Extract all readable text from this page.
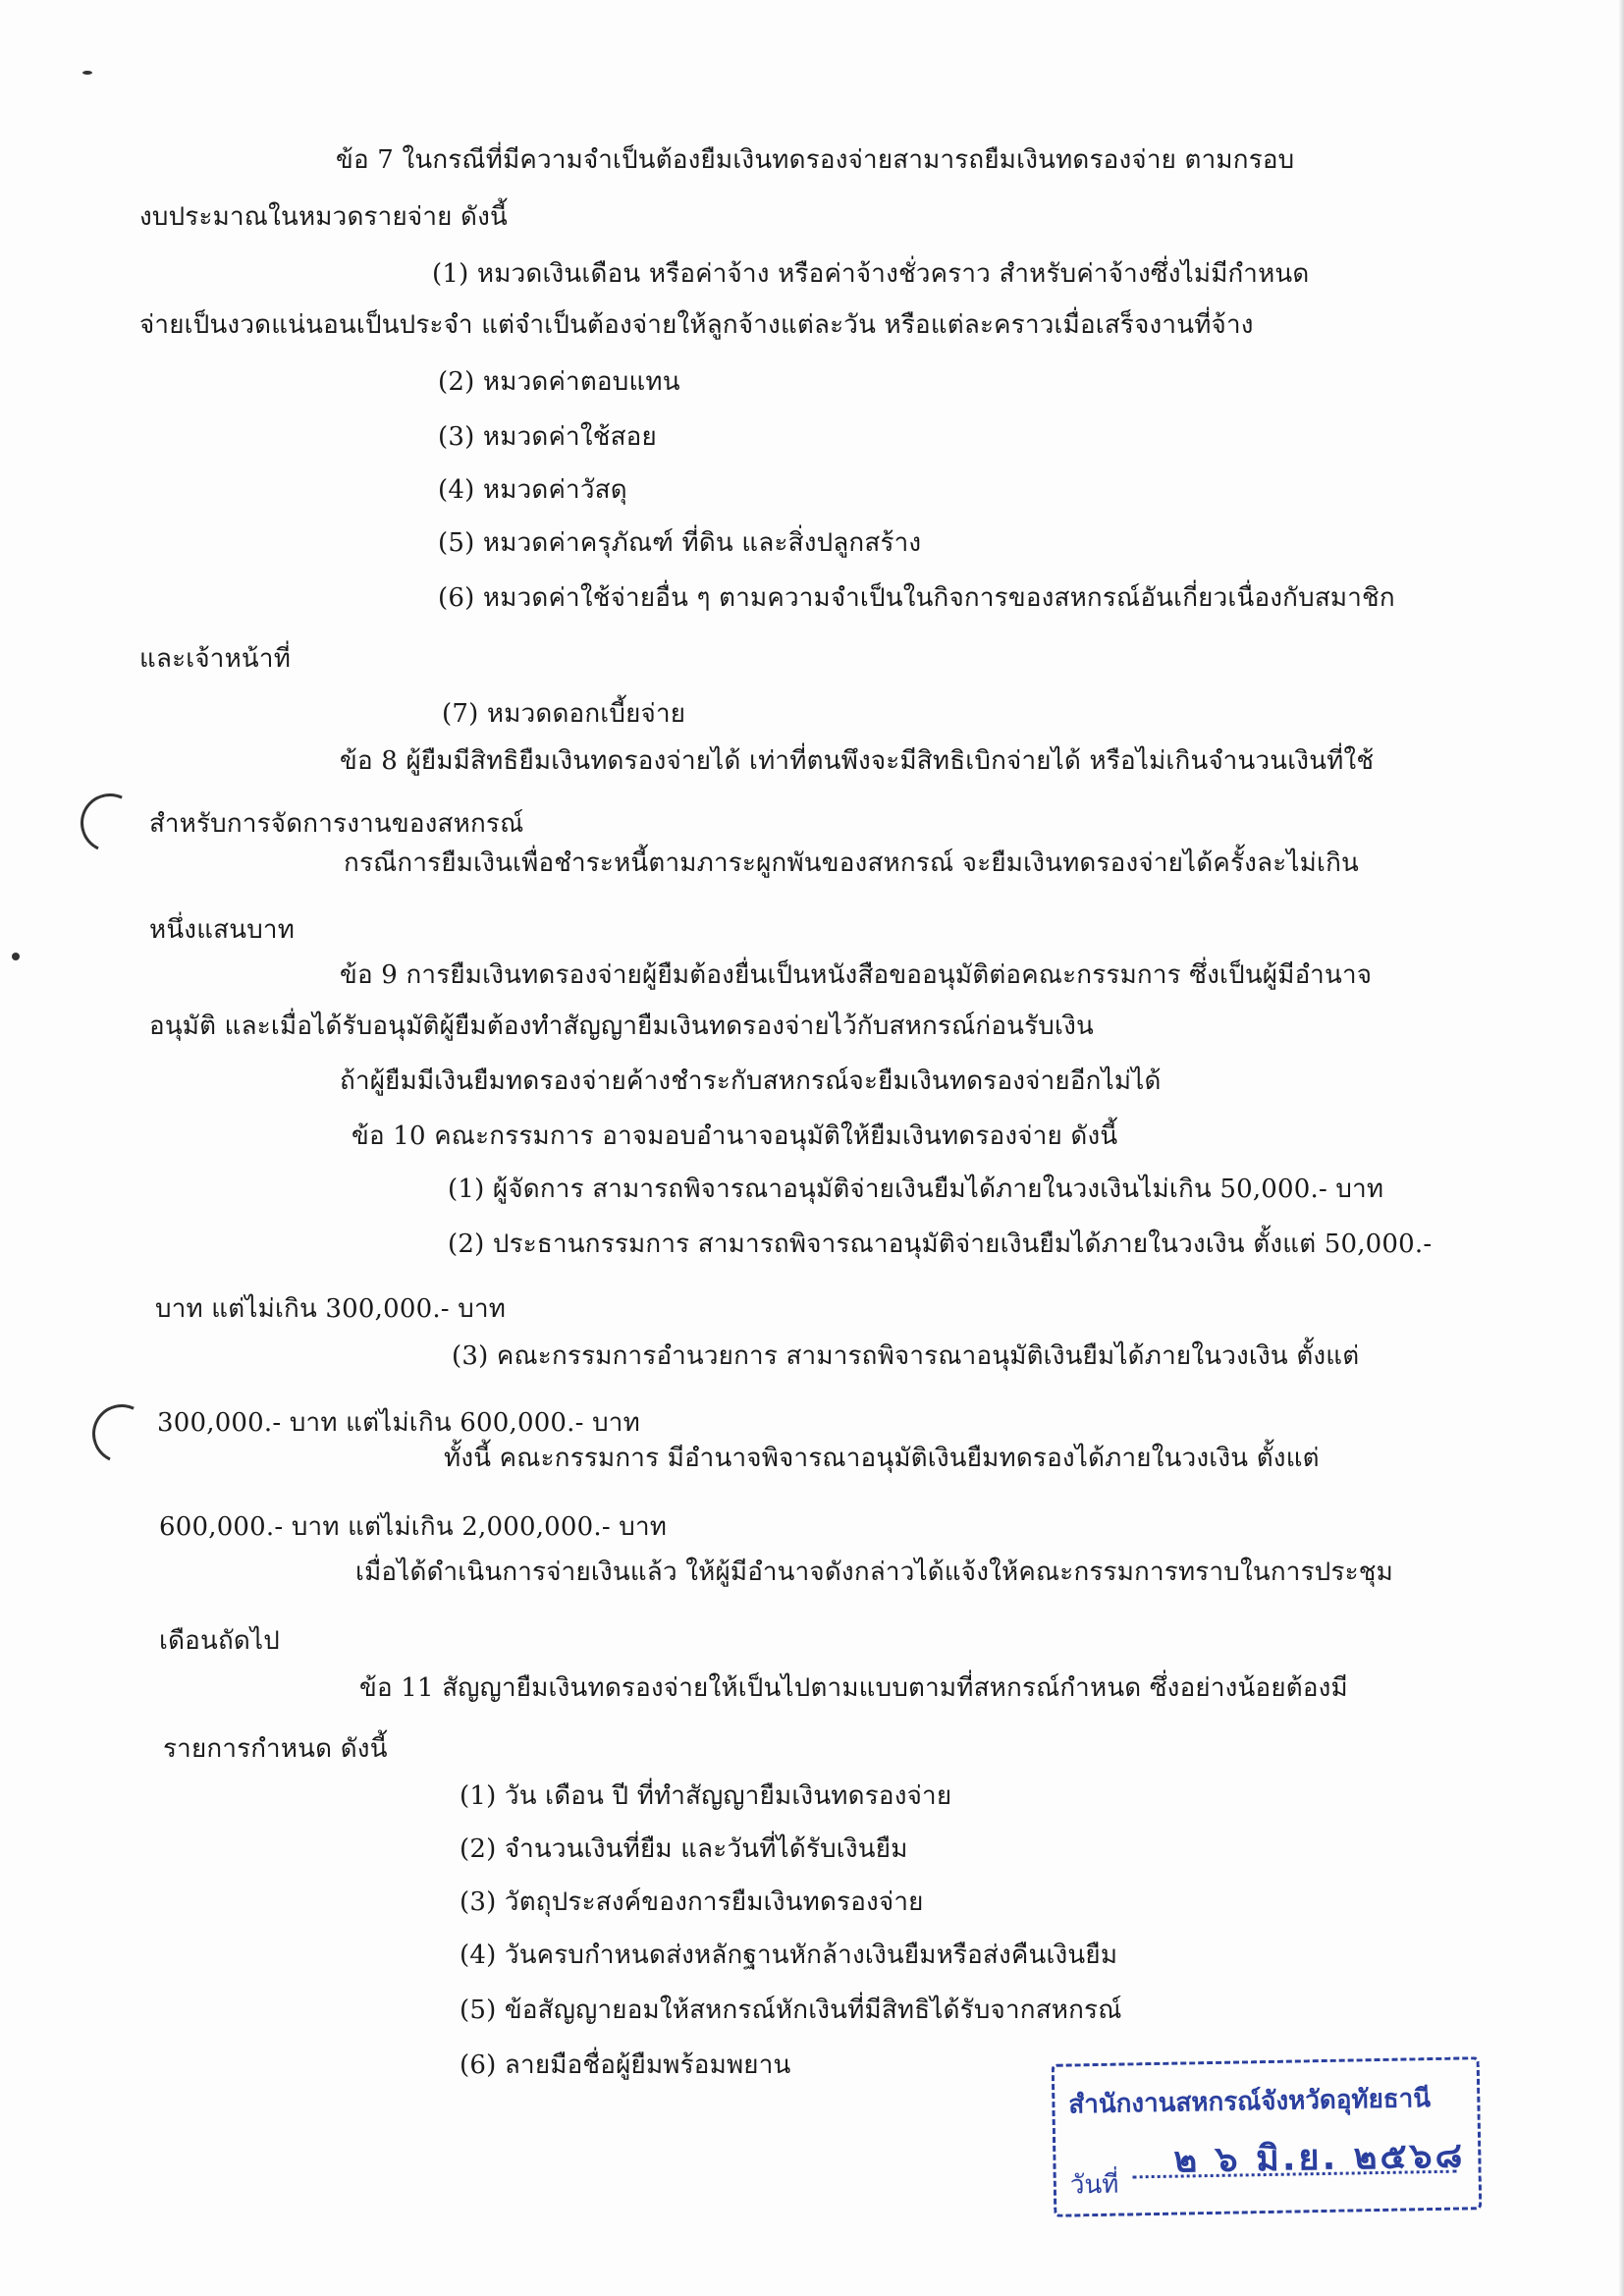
ข้อ 7 ในกรณีที่มีความจำเป็นต้องยืมเงินทดรองจ่ายสามารถยืมเงินทดรองจ่าย ตามกรอบ
งบประมาณในหมวดรายจ่าย ดังนี้
(1) หมวดเงินเดือน หรือค่าจ้าง หรือค่าจ้างชั่วคราว สำหรับค่าจ้างซึ่งไม่มีกำหนด
จ่ายเป็นงวดแน่นอนเป็นประจำ แต่จำเป็นต้องจ่ายให้ลูกจ้างแต่ละวัน หรือแต่ละคราวเมื่อเสร็จงานที่จ้าง
(2) หมวดค่าตอบแทน
(3) หมวดค่าใช้สอย
(4) หมวดค่าวัสดุ
(5) หมวดค่าครุภัณฑ์ ที่ดิน และสิ่งปลูกสร้าง
(6) หมวดค่าใช้จ่ายอื่น ๆ ตามความจำเป็นในกิจการของสหกรณ์อันเกี่ยวเนื่องกับสมาชิก
และเจ้าหน้าที่
(7) หมวดดอกเบี้ยจ่าย
ข้อ 8 ผู้ยืมมีสิทธิยืมเงินทดรองจ่ายได้ เท่าที่ตนพึงจะมีสิทธิเบิกจ่ายได้ หรือไม่เกินจำนวนเงินที่ใช้
สำหรับการจัดการงานของสหกรณ์
กรณีการยืมเงินเพื่อชำระหนี้ตามภาระผูกพันของสหกรณ์ จะยืมเงินทดรองจ่ายได้ครั้งละไม่เกิน
หนึ่งแสนบาท
ข้อ 9 การยืมเงินทดรองจ่ายผู้ยืมต้องยื่นเป็นหนังสือขออนุมัติต่อคณะกรรมการ ซึ่งเป็นผู้มีอำนาจ
อนุมัติ และเมื่อได้รับอนุมัติผู้ยืมต้องทำสัญญายืมเงินทดรองจ่ายไว้กับสหกรณ์ก่อนรับเงิน
ถ้าผู้ยืมมีเงินยืมทดรองจ่ายค้างชำระกับสหกรณ์จะยืมเงินทดรองจ่ายอีกไม่ได้
ข้อ 10 คณะกรรมการ อาจมอบอำนาจอนุมัติให้ยืมเงินทดรองจ่าย ดังนี้
(1) ผู้จัดการ สามารถพิจารณาอนุมัติจ่ายเงินยืมได้ภายในวงเงินไม่เกิน 50,000.- บาท
(2) ประธานกรรมการ สามารถพิจารณาอนุมัติจ่ายเงินยืมได้ภายในวงเงิน ตั้งแต่ 50,000.-
บาท แต่ไม่เกิน 300,000.- บาท
(3) คณะกรรมการอำนวยการ สามารถพิจารณาอนุมัติเงินยืมได้ภายในวงเงิน ตั้งแต่
300,000.- บาท แต่ไม่เกิน 600,000.- บาท
ทั้งนี้ คณะกรรมการ มีอำนาจพิจารณาอนุมัติเงินยืมทดรองได้ภายในวงเงิน ตั้งแต่
600,000.- บาท แต่ไม่เกิน 2,000,000.- บาท
เมื่อได้ดำเนินการจ่ายเงินแล้ว ให้ผู้มีอำนาจดังกล่าวได้แจ้งให้คณะกรรมการทราบในการประชุม
เดือนถัดไป
ข้อ 11 สัญญายืมเงินทดรองจ่ายให้เป็นไปตามแบบตามที่สหกรณ์กำหนด ซึ่งอย่างน้อยต้องมี
รายการกำหนด ดังนี้
(1) วัน เดือน ปี ที่ทำสัญญายืมเงินทดรองจ่าย
(2) จำนวนเงินที่ยืม และวันที่ได้รับเงินยืม
(3) วัตถุประสงค์ของการยืมเงินทดรองจ่าย
(4) วันครบกำหนดส่งหลักฐานหักล้างเงินยืมหรือส่งคืนเงินยืม
(5) ข้อสัญญายอมให้สหกรณ์หักเงินที่มีสิทธิได้รับจากสหกรณ์
(6) ลายมือชื่อผู้ยืมพร้อมพยาน
สำนักงานสหกรณ์จังหวัดอุทัยธานี
๒ ๖ มิ.ย. ๒๕๖๘
วันที่
